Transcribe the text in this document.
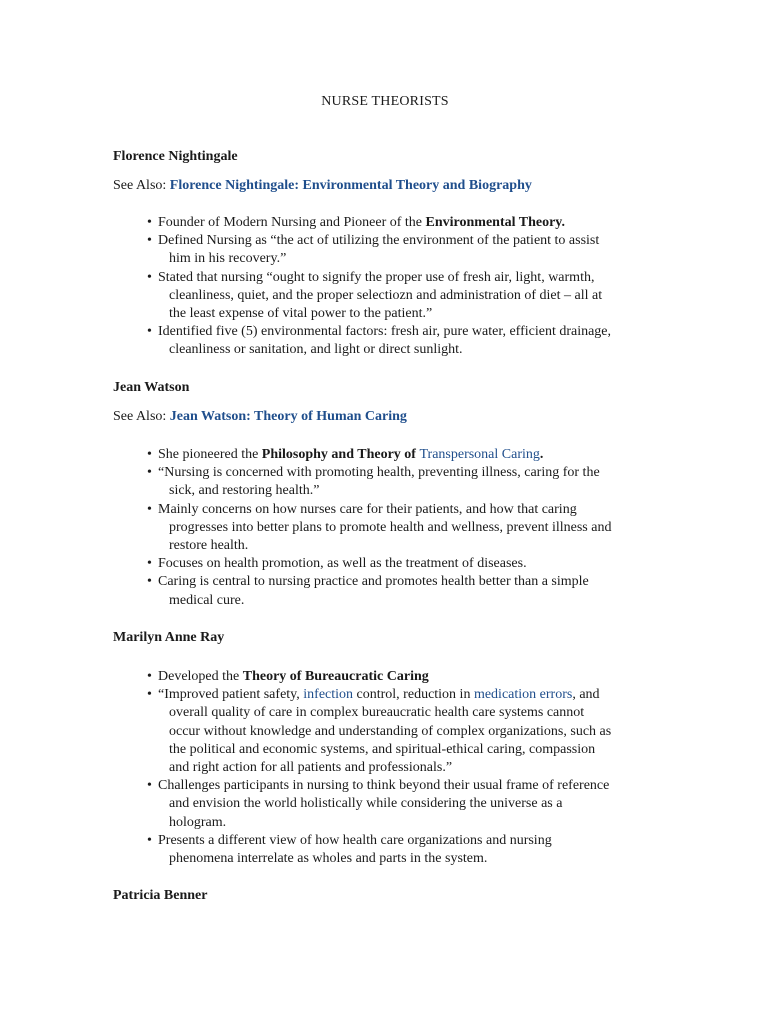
NURSE THEORISTS
Florence Nightingale
See Also: Florence Nightingale: Environmental Theory and Biography
• Founder of Modern Nursing and Pioneer of the Environmental Theory.
• Defined Nursing as “the act of utilizing the environment of the patient to assist
him in his recovery.”
• Stated that nursing “ought to signify the proper use of fresh air, light, warmth,
cleanliness, quiet, and the proper selectiozn and administration of diet – all at
the least expense of vital power to the patient.”
• Identified five (5) environmental factors: fresh air, pure water, efficient drainage,
cleanliness or sanitation, and light or direct sunlight.
Jean Watson
See Also: Jean Watson: Theory of Human Caring
• She pioneered the Philosophy and Theory of Transpersonal Caring.
• “Nursing is concerned with promoting health, preventing illness, caring for the
sick, and restoring health.”
• Mainly concerns on how nurses care for their patients, and how that caring
progresses into better plans to promote health and wellness, prevent illness and
restore health.
• Focuses on health promotion, as well as the treatment of diseases.
• Caring is central to nursing practice and promotes health better than a simple
medical cure.
Marilyn Anne Ray
• Developed the Theory of Bureaucratic Caring
• “Improved patient safety, infection control, reduction in medication errors, and
overall quality of care in complex bureaucratic health care systems cannot
occur without knowledge and understanding of complex organizations, such as
the political and economic systems, and spiritual-ethical caring, compassion
and right action for all patients and professionals.”
• Challenges participants in nursing to think beyond their usual frame of reference
and envision the world holistically while considering the universe as a
hologram.
• Presents a different view of how health care organizations and nursing
phenomena interrelate as wholes and parts in the system.
Patricia Benner
